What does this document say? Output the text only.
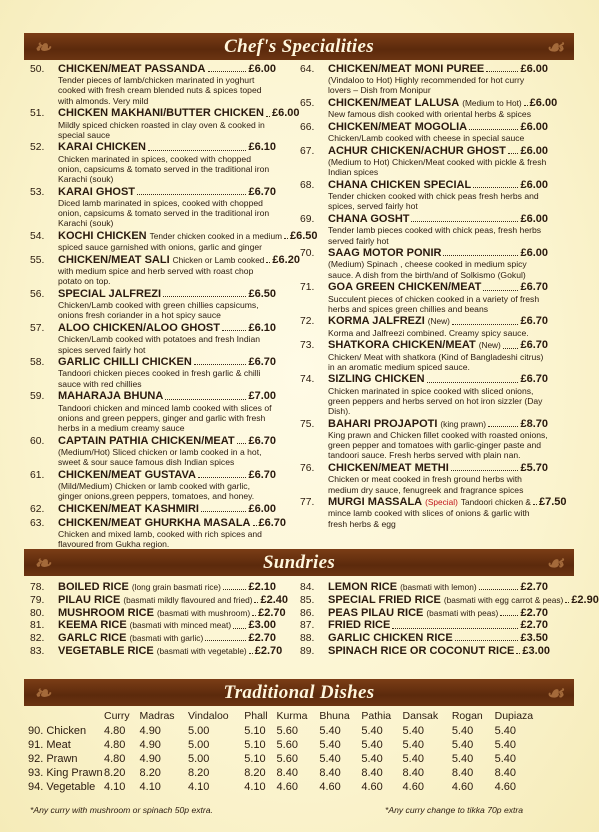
❧	Chef's Specialities	☙
50.	CHICKEN/MEAT PASSANDA	£6.00
Tender pieces of lamb/chicken marinated in yoghurt cooked with fresh cream blended nuts & spices toped with almonds. Very mild
51.	CHICKEN MAKHANI/BUTTER CHICKEN £6.00
Mildly spiced chicken roasted in clay oven & cooked in special sauce
52.	KARAI CHICKEN	£6.10
Chicken marinated in spices, cooked with chopped onion, capsicums & tomato served in the traditional iron Karachi (souk)
53.	KARAI GHOST	£6.70
Diced lamb marinated in spices, cooked with chopped onion, capsicums & tomato served in the traditional iron Karachi (souk)
54.	KOCHI CHICKEN Tender chicken cooked in a medium £6.50
spiced sauce garnished with onions, garlic and ginger
55.	CHICKEN/MEAT SALI Chicken or Lamb cooked £6.20
with medium spice and herb served with roast chop potato on top.
56.	SPECIAL JALFREZI	£6.50
Chicken/Lamb cooked with green chillies capsicums, onions fresh coriander in a hot spicy sauce
57.	ALOO CHICKEN/ALOO GHOST	£6.10
Chicken/Lamb cooked with potatoes and fresh Indian spices served fairly hot
58.	GARLIC CHILLI CHICKEN	£6.70
Tandoori chicken pieces cooked in fresh garlic & chilli sauce with red chillies
59.	MAHARAJA BHUNA	£7.00
Tandoori chicken and minced lamb cooked with slices of onions and green peppers, ginger and garlic with fresh herbs in a medium creamy sauce
60.	CAPTAIN PATHIA CHICKEN/MEAT £6.70
(Medium/Hot) Sliced chicken or lamb cooked in a hot, sweet & sour sauce famous dish Indian spices
61.	CHICKEN/MEAT GUSTAVA	£6.70
(Mild/Medium) Chicken or lamb cooked with garlic, ginger onions,green peppers, tomatoes, and honey.
62.	CHICKEN/MEAT KASHMIRI	£6.00
63.	CHICKEN/MEAT GHURKHA MASALA £6.70
Chicken and mixed lamb, cooked with rich spices and flavoured from Gukha region.
64.	CHICKEN/MEAT MONI PUREE	£6.00
(Vindaloo to Hot) Highly recommended for hot curry lovers – Dish from Monipur
65.	CHICKEN/MEAT LALUSA (Medium to Hot) £6.00
New famous dish cooked with oriental herbs & spices
66.	CHICKEN/MEAT MOGOLIA	£6.00
Chicken/Lamb cooked with cheese in special sauce
67.	ACHUR CHICKEN/ACHUR GHOST £6.00
(Medium to Hot) Chicken/Meat cooked with pickle & fresh Indian spices
68.	CHANA CHICKEN SPECIAL	£6.00
Tender chicken cooked with chick peas fresh herbs and spices, served fairly hot
69.	CHANA GOSHT	£6.00
Tender lamb pieces cooked with chick peas, fresh herbs served fairly hot
70.	SAAG MOTOR PONIR	£6.00
(Medium) Spinach , cheese cooked in medium spicy sauce. A dish from the birth/and of Solkismo (Gokul)
71.	GOA GREEN CHICKEN/MEAT	£6.70
Succulent pieces of chicken cooked in a variety of fresh herbs and spices green chillies and beans
72.	KORMA JALFREZI (New)	£6.70
Korma and Jalfreezi combined. Creamy spicy sauce.
73.	SHATKORA CHICKEN/MEAT (New) £6.70
Chicken/ Meat with shatkora (Kind of Bangladeshi citrus) in an aromatic medium spiced sauce.
74.	SIZLING CHICKEN	£6.70
Chicken marinated in spice cooked with sliced onions, green peppers and herbs served on hot iron sizzler (Day Dish).
75.	BAHARI PROJAPOTI (king prawn)	£8.70
King prawn and Chicken fillet cooked with roasted onions, green pepper and tomatoes with garlic-ginger paste and tandoori sauce. Fresh herbs served with plain nan.
76.	CHICKEN/MEAT METHI	£5.70
Chicken or meat cooked in fresh ground herbs with medium dry sauce, fenugreek and fragrance spices
77.	MURGI MASSALA (Special) Tandoori chicken & £7.50
mince lamb cooked with slices of onions & garlic with fresh herbs & egg
❧	Sundries	☙
78.	BOILED RICE (long grain basmati rice)	£2.10
79.	PILAU RICE (basmati mildly flavoured and fried) £2.40
80.	MUSHROOM RICE (basmati with mushroom) £2.70
81.	KEEMA RICE (basmati with minced meat) £3.00
82.	GARLC RICE (basmati with garlic)	£2.70
83.	VEGETABLE RICE (basmati with vegetable) £2.70
84.	LEMON RICE (basmati with lemon)	£2.70
85.	SPECIAL FRIED RICE (basmati with egg carrot & peas) £2.90
86.	PEAS PILAU RICE (basmati with peas) £2.70
87.	FRIED RICE	£2.70
88.	GARLIC CHICKEN RICE	£3.50
89.	SPINACH RICE OR COCONUT RICE £3.00
❧	Traditional Dishes	☙
	Curry	Madras	Vindaloo	Phall	Kurma	Bhuna	Pathia	Dansak	Rogan	Dupiaza
90. Chicken	4.80	4.90	5.00	5.10	5.60	5.40	5.40	5.40	5.40	5.40
91. Meat	4.80	4.90	5.00	5.10	5.60	5.40	5.40	5.40	5.40	5.40
92. Prawn	4.80	4.90	5.00	5.10	5.60	5.40	5.40	5.40	5.40	5.40
93. King Prawn	8.20	8.20	8.20	8.20	8.40	8.40	8.40	8.40	8.40	8.40
94. Vegetable	4.10	4.10	4.10	4.10	4.60	4.60	4.60	4.60	4.60	4.60
*Any curry with mushroom or spinach 50p extra.	*Any curry change to tikka 70p extra
